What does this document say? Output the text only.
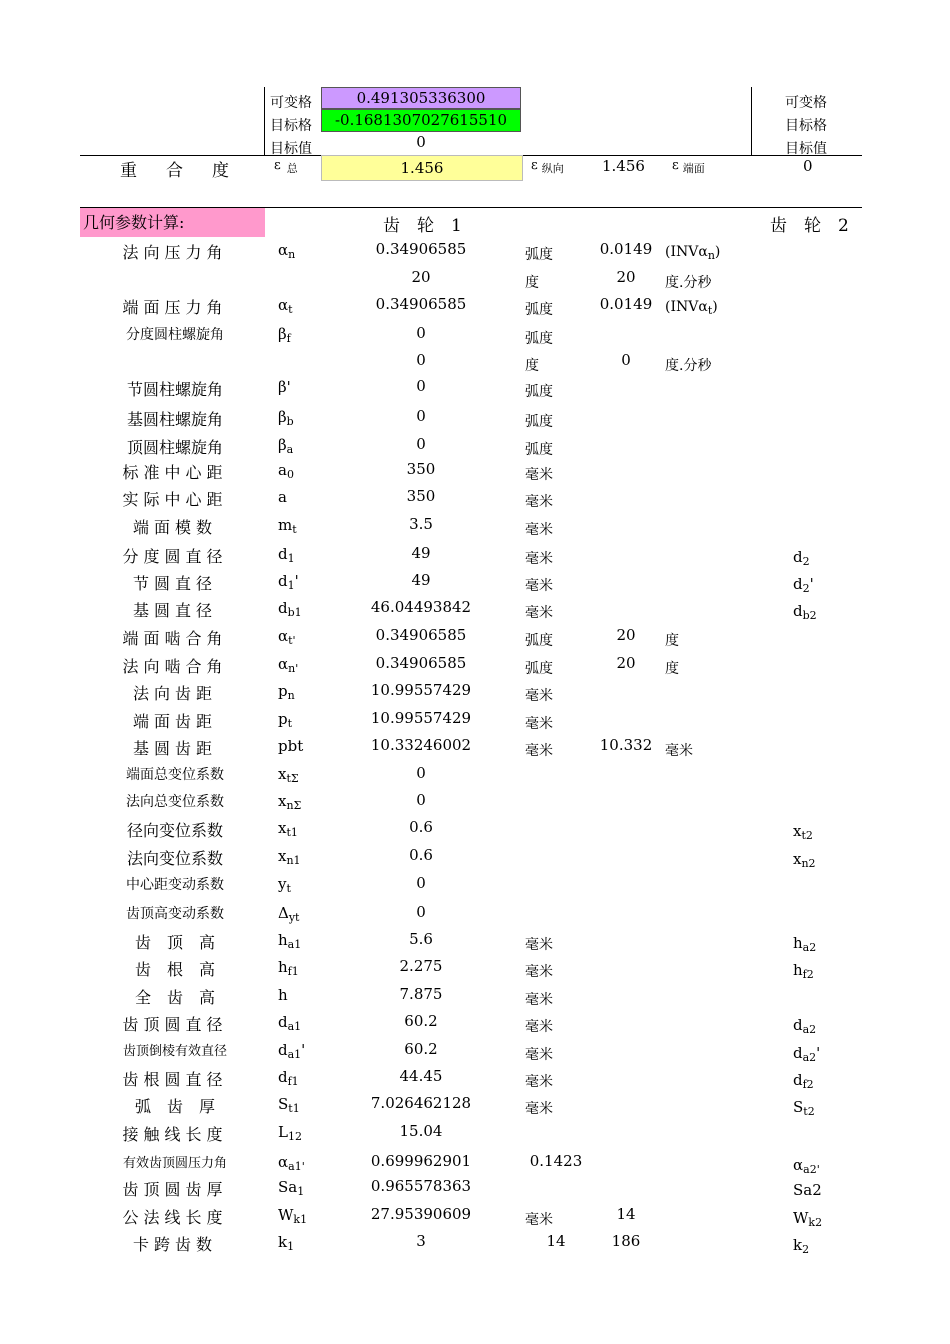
可变格	0.491305336300
目标格	-0.1681307027615510
目标值	0
可变格
目标格
目标值
重　合　度	ε $_总$	1.456	ε $_{纵向}$	1.456 ε $_{端面}$	0
几何参数计算:	齿　轮　1	齿　轮　2
法向压力角	$\alpha_n$	0.34906585	弧度	0.0149 (INVα$_n$)
20	度	20	度.分秒
端面压力角	$\alpha_t$	0.34906585	弧度	0.0149 (INVα$_t$)
分度圆柱螺旋角	$\beta_f$	0	弧度
0	度	0	度.分秒
节圆柱螺旋角	β'	0	弧度
基圆柱螺旋角	$\beta_b$	0	弧度
顶圆柱螺旋角	$\beta_a$	0	弧度
标准中心距	$a_0$	350	毫米
实际中心距	a	350	毫米
端面模数	$m_t$	3.5	毫米
分度圆直径	$d_1$	49	毫米	$d_2$
节圆直径	$d_1'$	49	毫米	$d_2'$
基圆直径	$d_{b1}$	46.04493842	毫米	$d_{b2}$
端面啮合角	$\alpha_{t'}$	0.34906585	弧度	20	度
法向啮合角	$\alpha_{n'}$	0.34906585	弧度	20	度
法向齿距	$p_n$	10.99557429	毫米
端面齿距	$p_t$	10.99557429	毫米
基圆齿距	pbt	10.33246002	毫米	10.332 毫米
端面总变位系数	$x_{t\Sigma}$	0
法向总变位系数	$x_{n\Sigma}$	0
径向变位系数	$x_{t1}$	0.6	$x_{t2}$
法向变位系数	$x_{n1}$	0.6	$x_{n2}$
中心距变动系数	$y_t$	0
齿顶高变动系数	$\Delta_{yt}$	0
齿　顶　高	$h_{a1}$	5.6	毫米	$h_{a2}$
齿　根　高	$h_{f1}$	2.275	毫米	$h_{f2}$
全　齿　高	h	7.875	毫米
齿顶圆直径	$d_{a1}$	60.2	毫米	$d_{a2}$
齿顶倒棱有效直径	$d_{a1}'$	60.2	毫米	$d_{a2}'$
齿根圆直径	$d_{f1}$	44.45	毫米	$d_{f2}$
弧　齿　厚	$S_{t1}$	7.026462128	毫米	$S_{t2}$
接触线长度	$L_{12}$	15.04
有效齿顶圆压力角	$\alpha_{a1'}$	0.699962901	0.1423	$\alpha_{a2'}$
齿顶圆齿厚	$Sa_1$	0.965578363	Sa2
公法线长度	$W_{k1}$	27.95390609	毫米	14	$W_{k2}$
卡跨齿数	$k_1$	3	14	186	$k_2$
